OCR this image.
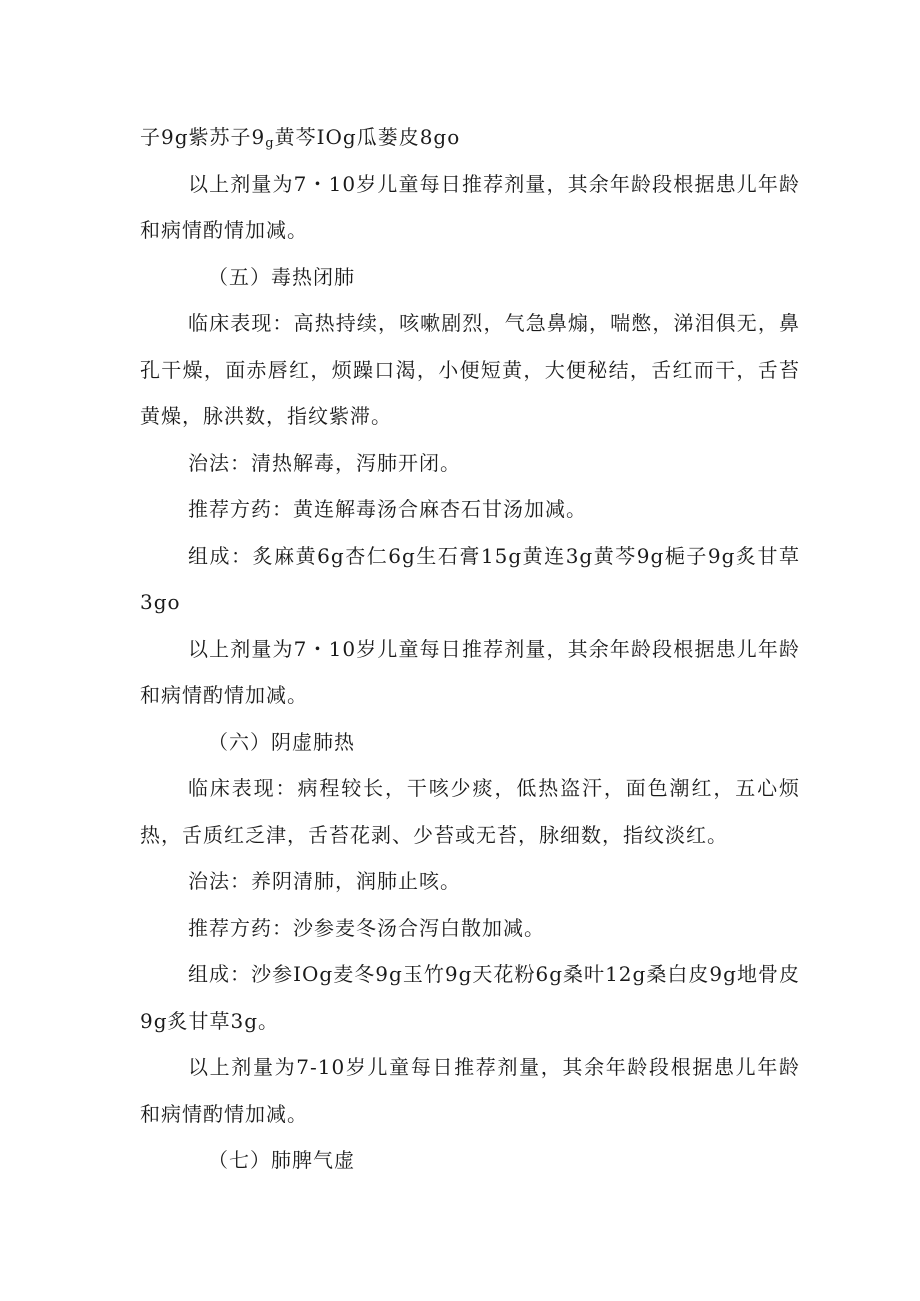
子9g紫苏子$9_g$黄芩IOg瓜蒌皮8go

以上剂量为7・10岁儿童每日推荐剂量，其余年龄段根据患儿年龄和病情酌情加减。

（五）毒热闭肺

临床表现：高热持续，咳嗽剧烈，气急鼻煽，喘憋，涕泪俱无，鼻孔干燥，面赤唇红，烦躁口渴，小便短黄，大便秘结，舌红而干，舌苔黄燥，脉洪数，指纹紫滞。

治法：清热解毒，泻肺开闭。

推荐方药：黄连解毒汤合麻杏石甘汤加减。

组成：炙麻黄6g杏仁6g生石膏15g黄连3g黄芩9g梔子9g炙甘草3go

以上剂量为7・10岁儿童每日推荐剂量，其余年龄段根据患儿年龄和病情酌情加减。

（六）阴虚肺热

临床表现：病程较长，干咳少痰，低热盗汗，面色潮红，五心烦热，舌质红乏津，舌苔花剥、少苔或无苔，脉细数，指纹淡红。

治法：养阴清肺，润肺止咳。

推荐方药：沙参麦冬汤合泻白散加减。

组成：沙参IOg麦冬9g玉竹9g天花粉6g桑叶12g桑白皮9g地骨皮9g炙甘草3g。

以上剂量为7-10岁儿童每日推荐剂量，其余年龄段根据患儿年龄和病情酌情加减。

（七）肺脾气虚
